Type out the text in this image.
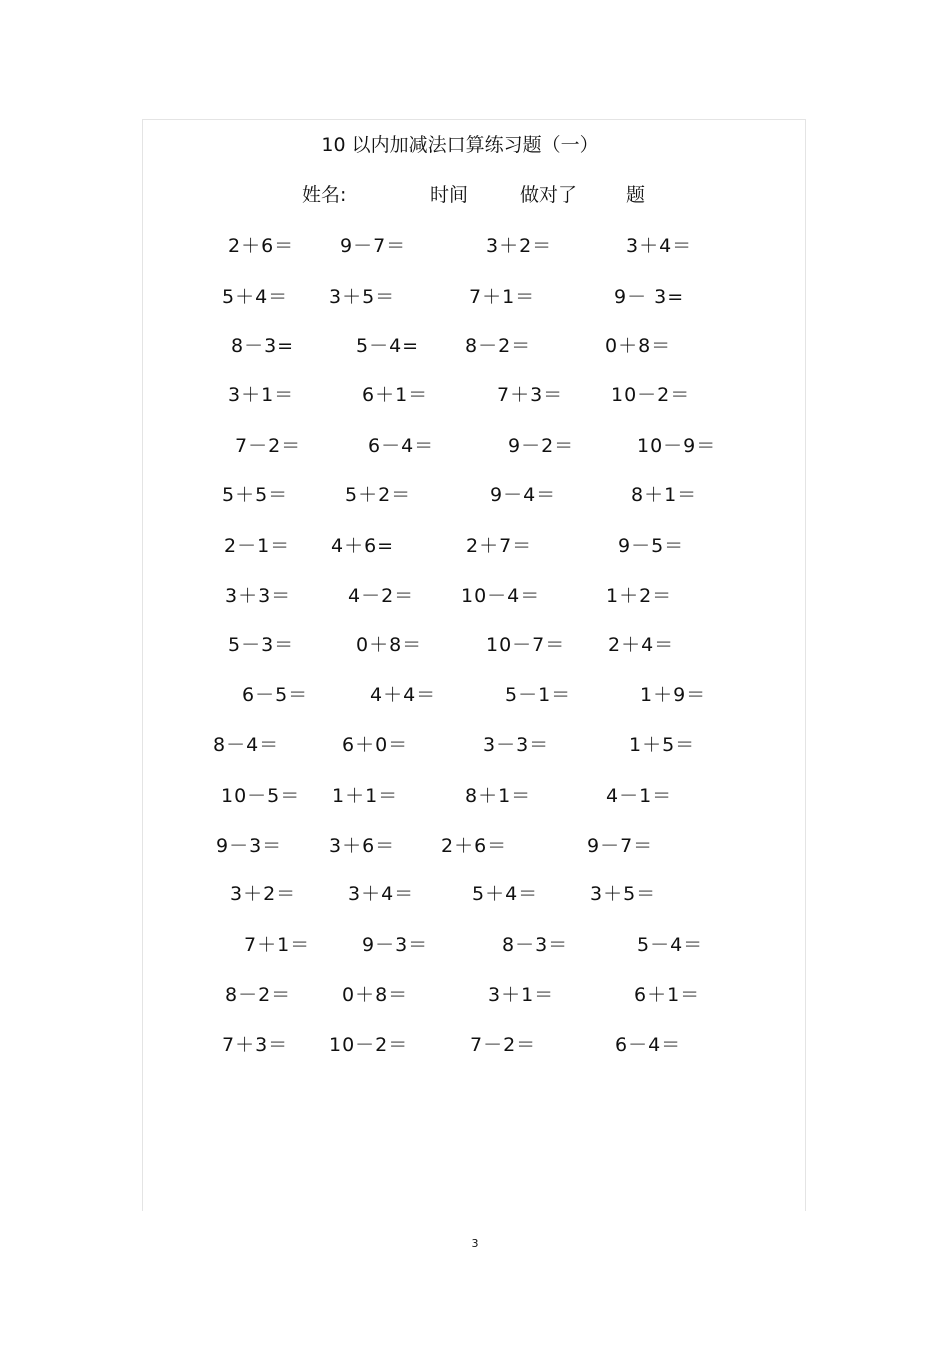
10 以内加减法口算练习题（一）
姓名:	时间	做对了	题
2＋6＝ 9－7＝	3＋2＝	3＋4＝
5＋4＝ 3＋5＝	7＋1＝	9－ 3=
8－3=	5－4= 8－2＝	0＋8＝
3＋1＝	6＋1＝	7＋3＝	10－2＝
7－2＝	6－4＝	9－2＝	10－9＝
5＋5＝	5＋2＝	9－4＝	8＋1＝
2－1＝ 4＋6=	2＋7＝	9－5＝
3＋3＝	4－2＝ 10－4＝	1＋2＝
5－3＝	0＋8＝	10－7＝ 2＋4＝
6－5＝	4＋4＝	5－1＝	1＋9＝
8－4＝	6＋0＝	3－3＝	1＋5＝
10－5＝ 1＋1＝	8＋1＝	4－1＝
9－3＝ 3＋6＝ 2＋6＝	9－7＝
3＋2＝	3＋4＝	5＋4＝	3＋5＝
7＋1＝	9－3＝	8－3＝	5－4＝
8－2＝	0＋8＝	3＋1＝	6＋1＝
7＋3＝ 10－2＝	7－2＝	6－4＝
3
